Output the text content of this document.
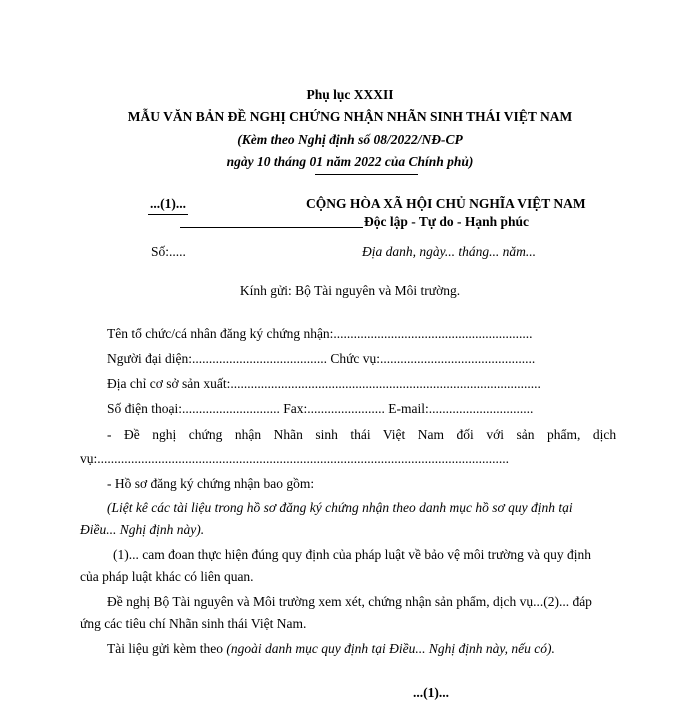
Phụ lục XXXII
MẪU VĂN BẢN ĐỀ NGHỊ CHỨNG NHẬN NHÃN SINH THÁI VIỆT NAM
(Kèm theo Nghị định số 08/2022/NĐ-CP
ngày 10 tháng 01 năm 2022 của Chính phủ)
...(1)...	CỘNG HÒA XÃ HỘI CHỦ NGHĨA VIỆT NAM
Độc lập - Tự do - Hạnh phúc
Số:.....	Địa danh, ngày... tháng... năm...
Kính gửi: Bộ Tài nguyên và Môi trường.
Tên tổ chức/cá nhân đăng ký chứng nhận:...........................................................
Người đại diện:........................................ Chức vụ:..............................................
Địa chỉ cơ sở sản xuất:............................................................................................
Số điện thoại:............................. Fax:....................... E-mail:...............................
- Đề nghị chứng nhận Nhãn sinh thái Việt Nam đối với sản phẩm, dịch
vụ:..........................................................................................................................
- Hồ sơ đăng ký chứng nhận bao gồm:
(Liệt kê các tài liệu trong hồ sơ đăng ký chứng nhận theo danh mục hồ sơ quy định tại
Điều... Nghị định này).
(1)... cam đoan thực hiện đúng quy định của pháp luật về bảo vệ môi trường và quy định
của pháp luật khác có liên quan.
Đề nghị Bộ Tài nguyên và Môi trường xem xét, chứng nhận sản phẩm, dịch vụ...(2)... đáp
ứng các tiêu chí Nhãn sinh thái Việt Nam.
Tài liệu gửi kèm theo (ngoài danh mục quy định tại Điều... Nghị định này, nếu có).
...(1)...
